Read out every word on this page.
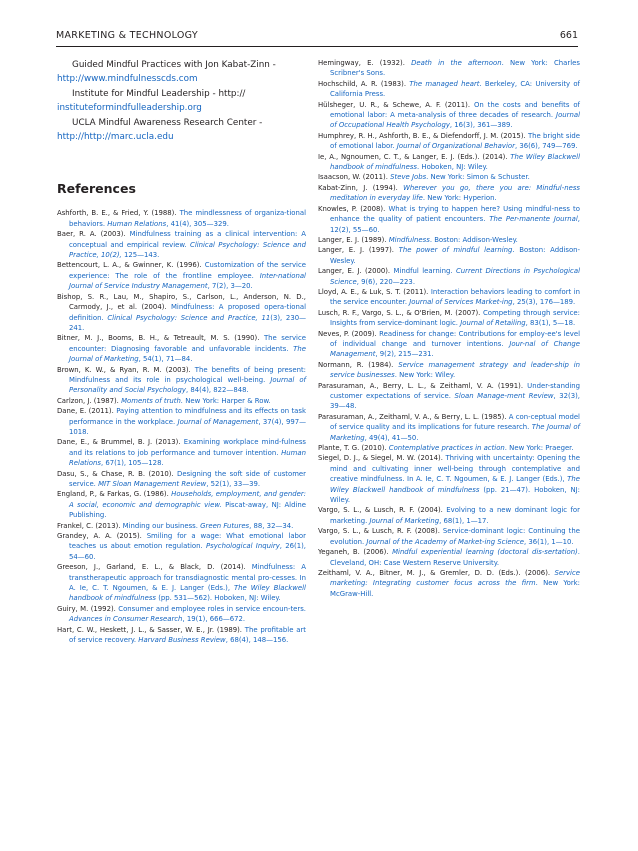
MARKETING & TECHNOLOGY	661
Guided Mindful Practices with Jon Kabat-Zinn -
http://www.mindfulnesscds.com
Institute for Mindful Leadership - http://
instituteformindfulleadership.org
UCLA Mindful Awareness Research Center -
http://http://marc.ucla.edu
References

Ashforth, B. E., & Fried, Y. (1988). The mindlessness of organiza-tional behaviors. Human Relations, 41(4), 305—329.

Baer, R. A. (2003). Mindfulness training as a clinical intervention: A conceptual and empirical review. Clinical Psychology: Science and Practice, 10(2), 125—143.

Bettencourt, L. A., & Gwinner, K. (1996). Customization of the service experience: The role of the frontline employee. Inter-national Journal of Service Industry Management, 7(2), 3—20.

Bishop, S. R., Lau, M., Shapiro, S., Carlson, L., Anderson, N. D., Carmody, J., et al. (2004). Mindfulness: A proposed opera-tional definition. Clinical Psychology: Science and Practice, 11(3), 230—241.

Bitner, M. J., Booms, B. H., & Tetreault, M. S. (1990). The service encounter: Diagnosing favorable and unfavorable incidents. The Journal of Marketing, 54(1), 71—84.

Brown, K. W., & Ryan, R. M. (2003). The benefits of being present: Mindfulness and its role in psychological well-being. Journal of Personality and Social Psychology, 84(4), 822—848.

Carlzon, J. (1987). Moments of truth. New York: Harper & Row.

Dane, E. (2011). Paying attention to mindfulness and its effects on task performance in the workplace. Journal of Management, 37(4), 997—1018.

Dane, E., & Brummel, B. J. (2013). Examining workplace mind-fulness and its relations to job performance and turnover intention. Human Relations, 67(1), 105—128.

Dasu, S., & Chase, R. B. (2010). Designing the soft side of customer service. MIT Sloan Management Review, 52(1), 33—39.

England, P., & Farkas, G. (1986). Households, employment, and gender: A social, economic and demographic view. Piscat-away, NJ: Aldine Publishing.

Frankel, C. (2013). Minding our business. Green Futures, 88, 32—34.

Grandey, A. A. (2015). Smiling for a wage: What emotional labor teaches us about emotion regulation. Psychological Inquiry, 26(1), 54—60.

Greeson, J., Garland, E. L., & Black, D. (2014). Mindfulness: A transtherapeutic approach for transdiagnostic mental pro-cesses. In A. Ie, C. T. Ngoumen, & E. J. Langer (Eds.), The Wiley Blackwell handbook of mindfulness (pp. 531—562). Hoboken, NJ: Wiley.

Guiry, M. (1992). Consumer and employee roles in service encoun-ters. Advances in Consumer Research, 19(1), 666—672.

Hart, C. W., Heskett, J. L., & Sasser, W. E., Jr. (1989). The profitable art of service recovery. Harvard Business Review, 68(4), 148—156.

Hemingway, E. (1932). Death in the afternoon. New York: Charles Scribner's Sons.

Hochschild, A. R. (1983). The managed heart. Berkeley, CA: University of California Press.

Hülsheger, U. R., & Schewe, A. F. (2011). On the costs and benefits of emotional labor: A meta-analysis of three decades of research. Journal of Occupational Health Psychology, 16(3), 361—389.

Humphrey, R. H., Ashforth, B. E., & Diefendorff, J. M. (2015). The bright side of emotional labor. Journal of Organizational Behavior, 36(6), 749—769.

Ie, A., Ngnoumen, C. T., & Langer, E. J. (Eds.). (2014). The Wiley Blackwell handbook of mindfulness. Hoboken, NJ: Wiley.

Isaacson, W. (2011). Steve Jobs. New York: Simon & Schuster.

Kabat-Zinn, J. (1994). Wherever you go, there you are: Mindful-ness meditation in everyday life. New York: Hyperion.

Knowles, P. (2008). What is trying to happen here? Using mindful-ness to enhance the quality of patient encounters. The Per-manente Journal, 12(2), 55—60.

Langer, E. J. (1989). Mindfulness. Boston: Addison-Wesley.

Langer, E. J. (1997). The power of mindful learning. Boston: Addison-Wesley.

Langer, E. J. (2000). Mindful learning. Current Directions in Psychological Science, 9(6), 220—223.

Lloyd, A. E., & Luk, S. T. (2011). Interaction behaviors leading to comfort in the service encounter. Journal of Services Market-ing, 25(3), 176—189.

Lusch, R. F., Vargo, S. L., & O'Brien, M. (2007). Competing through service: Insights from service-dominant logic. Journal of Retailing, 83(1), 5—18.

Neves, P. (2009). Readiness for change: Contributions for employ-ee's level of individual change and turnover intentions. Jour-nal of Change Management, 9(2), 215—231.

Normann, R. (1984). Service management strategy and leader-ship in service businesses. New York: Wiley.

Parasuraman, A., Berry, L. L., & Zeithaml, V. A. (1991). Under-standing customer expectations of service. Sloan Manage-ment Review, 32(3), 39—48.

Parasuraman, A., Zeithaml, V. A., & Berry, L. L. (1985). A con-ceptual model of service quality and its implications for future research. The Journal of Marketing, 49(4), 41—50.

Plante, T. G. (2010). Contemplative practices in action. New York: Praeger.

Siegel, D. J., & Siegel, M. W. (2014). Thriving with uncertainty: Opening the mind and cultivating inner well-being through contemplative and creative mindfulness. In A. Ie, C. T. Ngoumen, & E. J. Langer (Eds.), The Wiley Blackwell handbook of mindfulness (pp. 21—47). Hoboken, NJ: Wiley.

Vargo, S. L., & Lusch, R. F. (2004). Evolving to a new dominant logic for marketing. Journal of Marketing, 68(1), 1—17.

Vargo, S. L., & Lusch, R. F. (2008). Service-dominant logic: Continuing the evolution. Journal of the Academy of Market-ing Science, 36(1), 1—10.

Yeganeh, B. (2006). Mindful experiential learning (doctoral dis-sertation). Cleveland, OH: Case Western Reserve University.

Zeithaml, V. A., Bitner, M. J., & Gremler, D. D. (Eds.). (2006). Service marketing: Integrating customer focus across the firm. New York: McGraw-Hill.
